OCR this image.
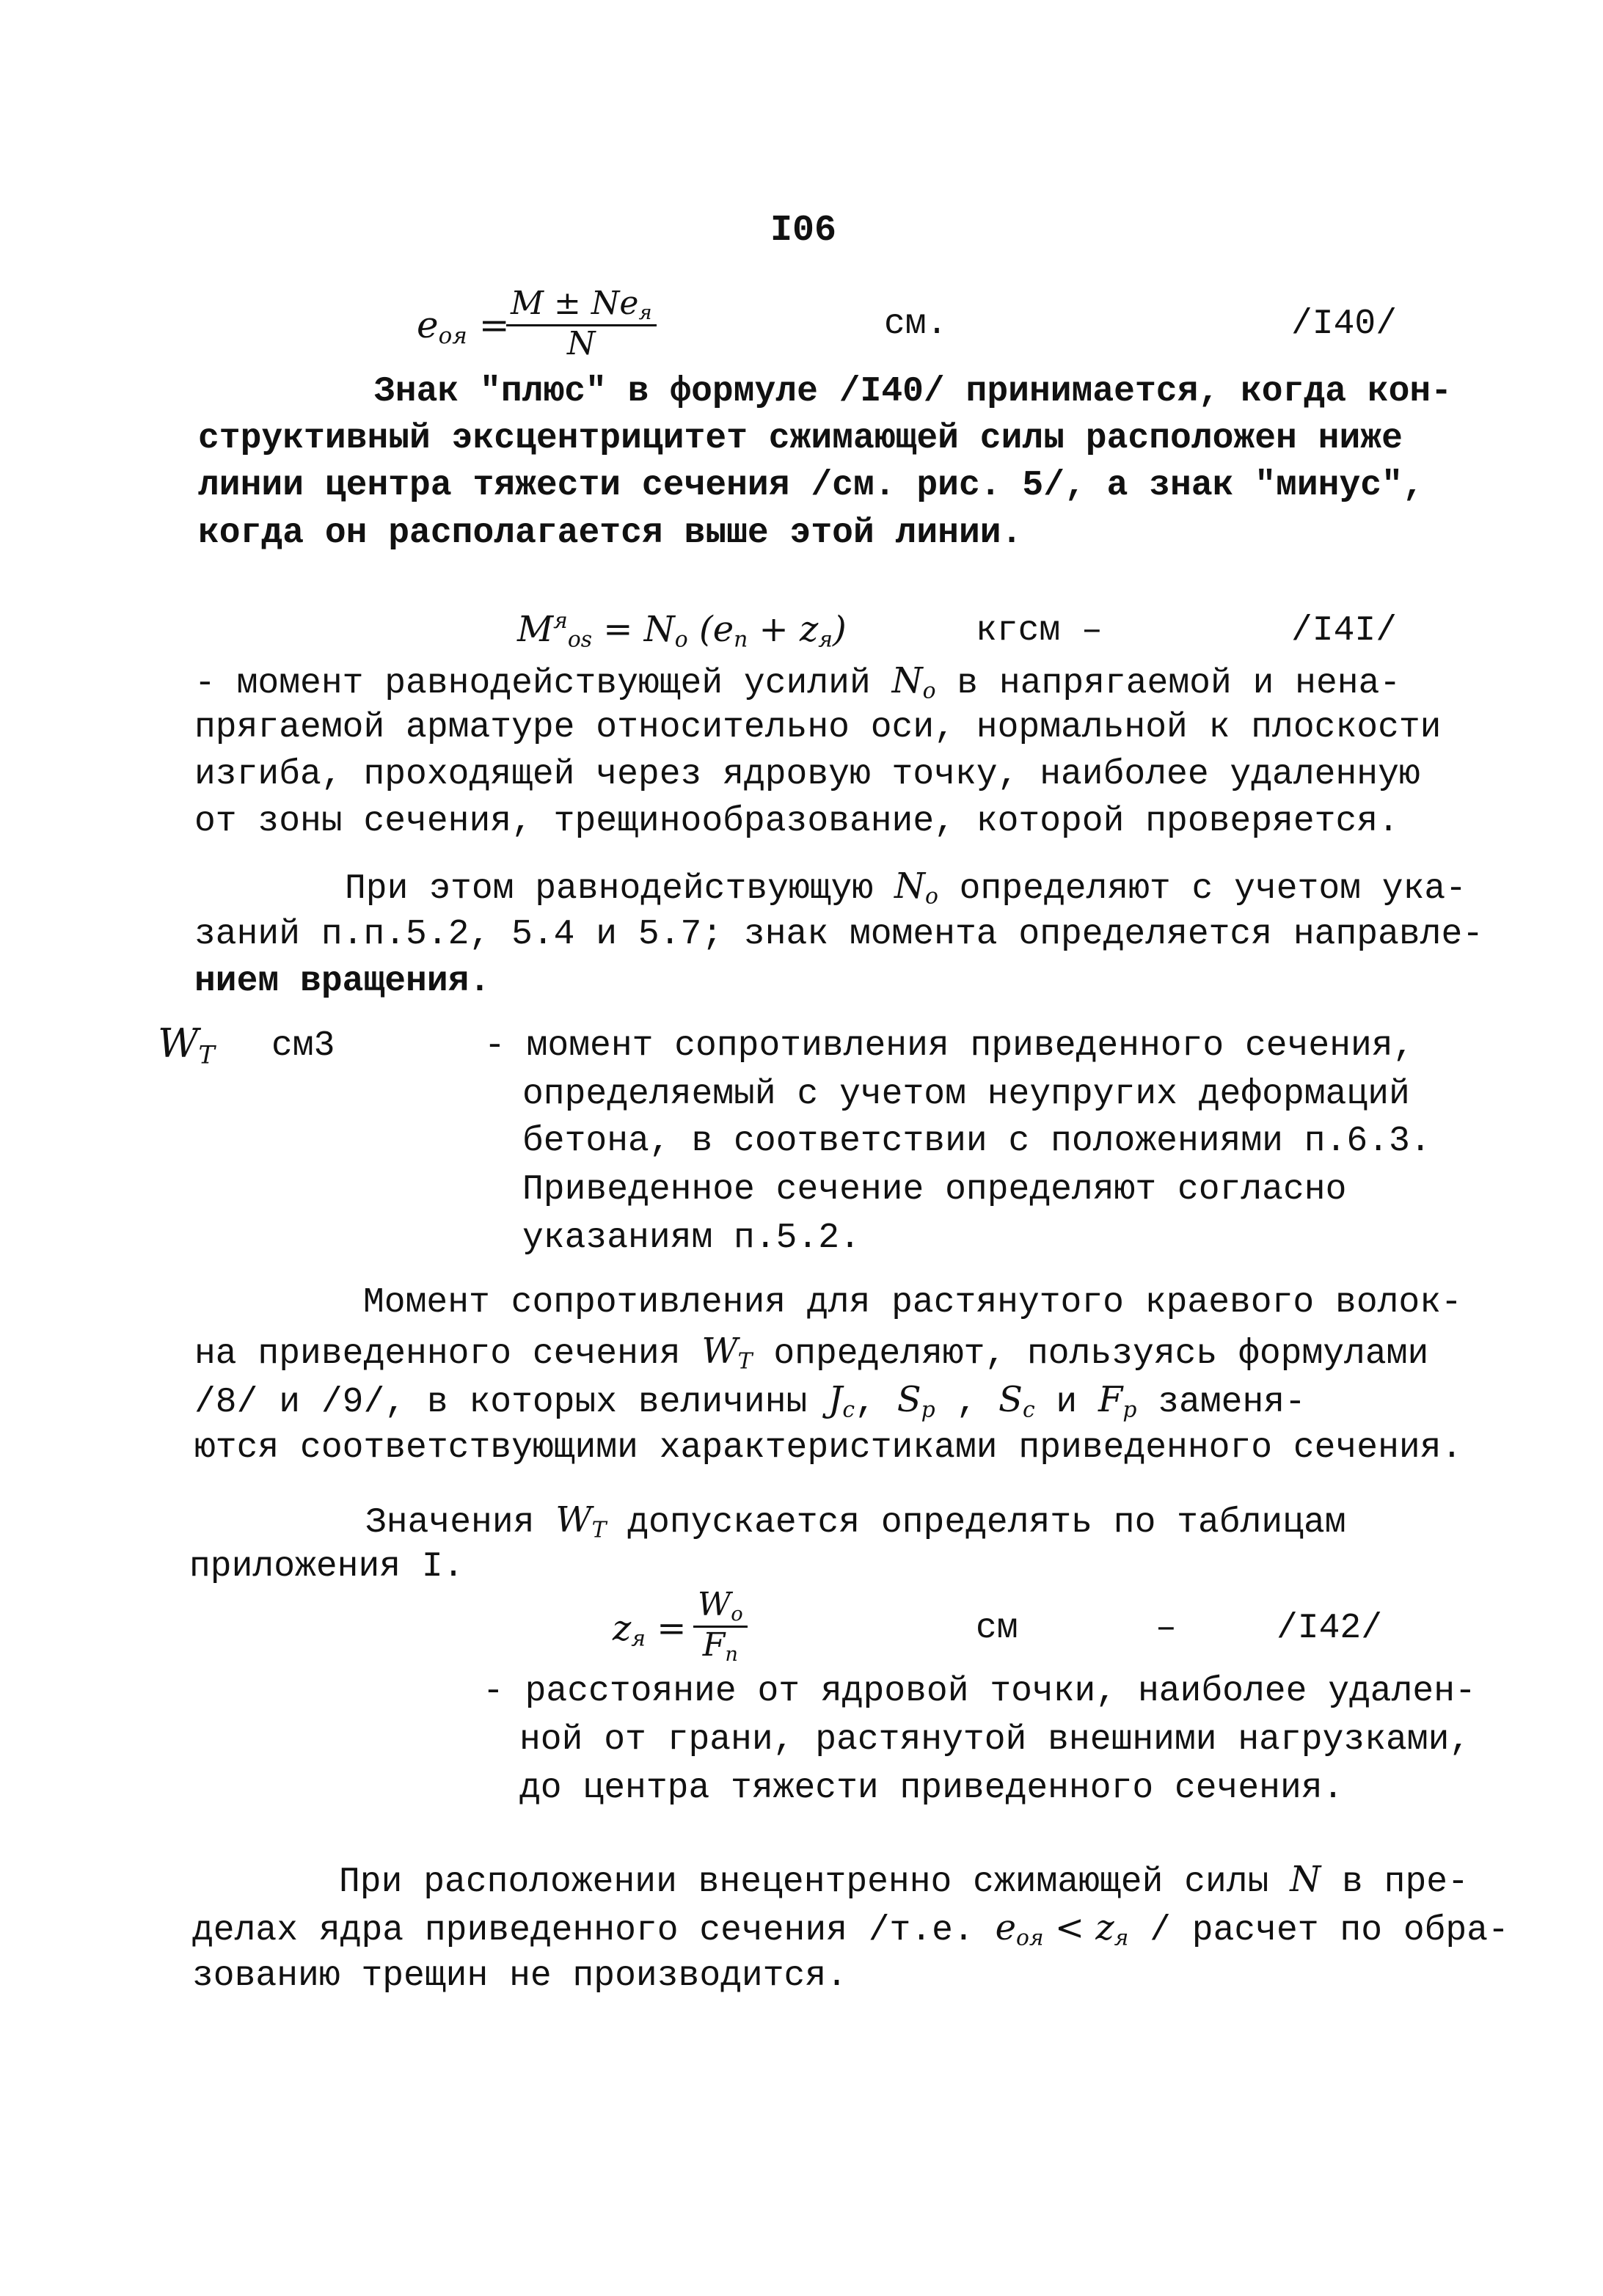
I06
$e_{оя}$ =
$M \pm Ne_я$
N	см.	/I40/
Знак "плюс" в формуле /I40/ принимается, когда кон-
структивный эксцентрицитет сжимающей силы расположен ниже
линии центра тяжести сечения /см. рис. 5/, а знак "минус",
когда он располагается выше этой линии.
$M^я_{оs} = N_o$ $(e_n + z_я)$	кгсм –	/I4I/
- момент равнодействующей усилий $N_o$ в напрягаемой и нена-
прягаемой арматуре относительно оси, нормальной к плоскости
изгиба, проходящей через ядровую точку, наиболее удаленную
от зоны сечения, трещинообразование, которой проверяется.
При этом равнодействующую $N_o$ определяют с учетом ука-
заний п.п.5.2, 5.4 и 5.7; знак момента определяется направле-
нием вращения.
$W_T$ см3	- момент сопротивления приведенного сечения,
определяемый с учетом неупругих деформаций
бетона, в соответствии с положениями п.6.3.
Приведенное сечение определяют согласно
указаниям п.5.2.
Момент сопротивления для растянутого краевого волок-
на приведенного сечения $W_T$ определяют, пользуясь формулами
/8/ и /9/, в которых величины $J_c$, $S_p$ , $S_c$ и $F_p$ заменя-
ются соответствующими характеристиками приведенного сечения.
Значения $W_T$ допускается определять по таблицам
приложения I.
$z_я = \frac{W_o}{F_n}$	см	–	/I42/
- расстояние от ядровой точки, наиболее удален-
ной от грани, растянутой внешними нагрузками,
до центра тяжести приведенного сечения.
При расположении внецентренно сжимающей силы N в пре-
делах ядра приведенного сечения /т.е. $e_{оя} < z_я$ / расчет по обра-
зованию трещин не производится.
